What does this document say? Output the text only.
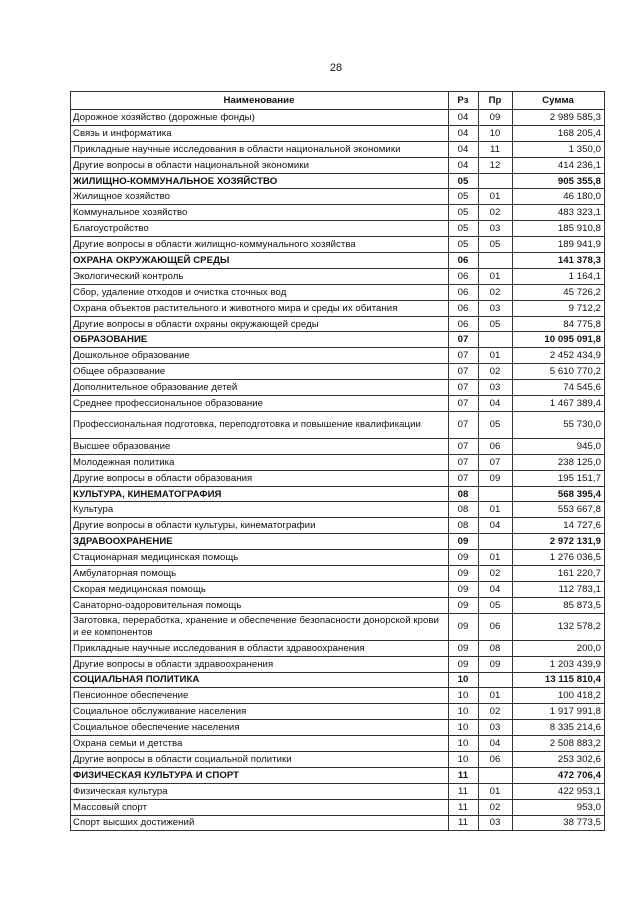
28
Наименование	Рз	Пр	Сумма
Дорожное хозяйство (дорожные фонды)	04	09	2 989 585,3
Связь и информатика	04	10	168 205,4
Прикладные научные исследования в области национальной экономики	04	11	1 350,0
Другие вопросы в области национальной экономики	04	12	414 236,1
ЖИЛИЩНО-КОММУНАЛЬНОЕ ХОЗЯЙСТВО	05		905 355,8
Жилищное хозяйство	05	01	46 180,0
Коммунальное хозяйство	05	02	483 323,1
Благоустройство	05	03	185 910,8
Другие вопросы в области жилищно-коммунального хозяйства	05	05	189 941,9
ОХРАНА ОКРУЖАЮЩЕЙ СРЕДЫ	06		141 378,3
Экологический контроль	06	01	1 164,1
Сбор, удаление отходов и очистка сточных вод	06	02	45 726,2
Охрана объектов растительного и животного мира и среды их обитания	06	03	9 712,2
Другие вопросы в области охраны окружающей среды	06	05	84 775,8
ОБРАЗОВАНИЕ	07		10 095 091,8
Дошкольное образование	07	01	2 452 434,9
Общее образование	07	02	5 610 770,2
Дополнительное образование детей	07	03	74 545,6
Среднее профессиональное образование	07	04	1 467 389,4
Профессиональная подготовка, переподготовка и повышение квалификации	07	05	55 730,0
Высшее образование	07	06	945,0
Молодежная политика	07	07	238 125,0
Другие вопросы в области образования	07	09	195 151,7
КУЛЬТУРА, КИНЕМАТОГРАФИЯ	08		568 395,4
Культура	08	01	553 667,8
Другие вопросы в области культуры, кинематографии	08	04	14 727,6
ЗДРАВООХРАНЕНИЕ	09		2 972 131,9
Стационарная медицинская помощь	09	01	1 276 036,5
Амбулаторная помощь	09	02	161 220,7
Скорая медицинская помощь	09	04	112 783,1
Санаторно-оздоровительная помощь	09	05	85 873,5
Заготовка, переработка, хранение и обеспечение безопасности донорской крови и ее компонентов	09	06	132 578,2
Прикладные научные исследования в области здравоохранения	09	08	200,0
Другие вопросы в области здравоохранения	09	09	1 203 439,9
СОЦИАЛЬНАЯ ПОЛИТИКА	10		13 115 810,4
Пенсионное обеспечение	10	01	100 418,2
Социальное обслуживание населения	10	02	1 917 991,8
Социальное обеспечение населения	10	03	8 335 214,6
Охрана семьи и детства	10	04	2 508 883,2
Другие вопросы в области социальной политики	10	06	253 302,6
ФИЗИЧЕСКАЯ КУЛЬТУРА И СПОРТ	11		472 706,4
Физическая культура	11	01	422 953,1
Массовый спорт	11	02	953,0
Спорт высших достижений	11	03	38 773,5
